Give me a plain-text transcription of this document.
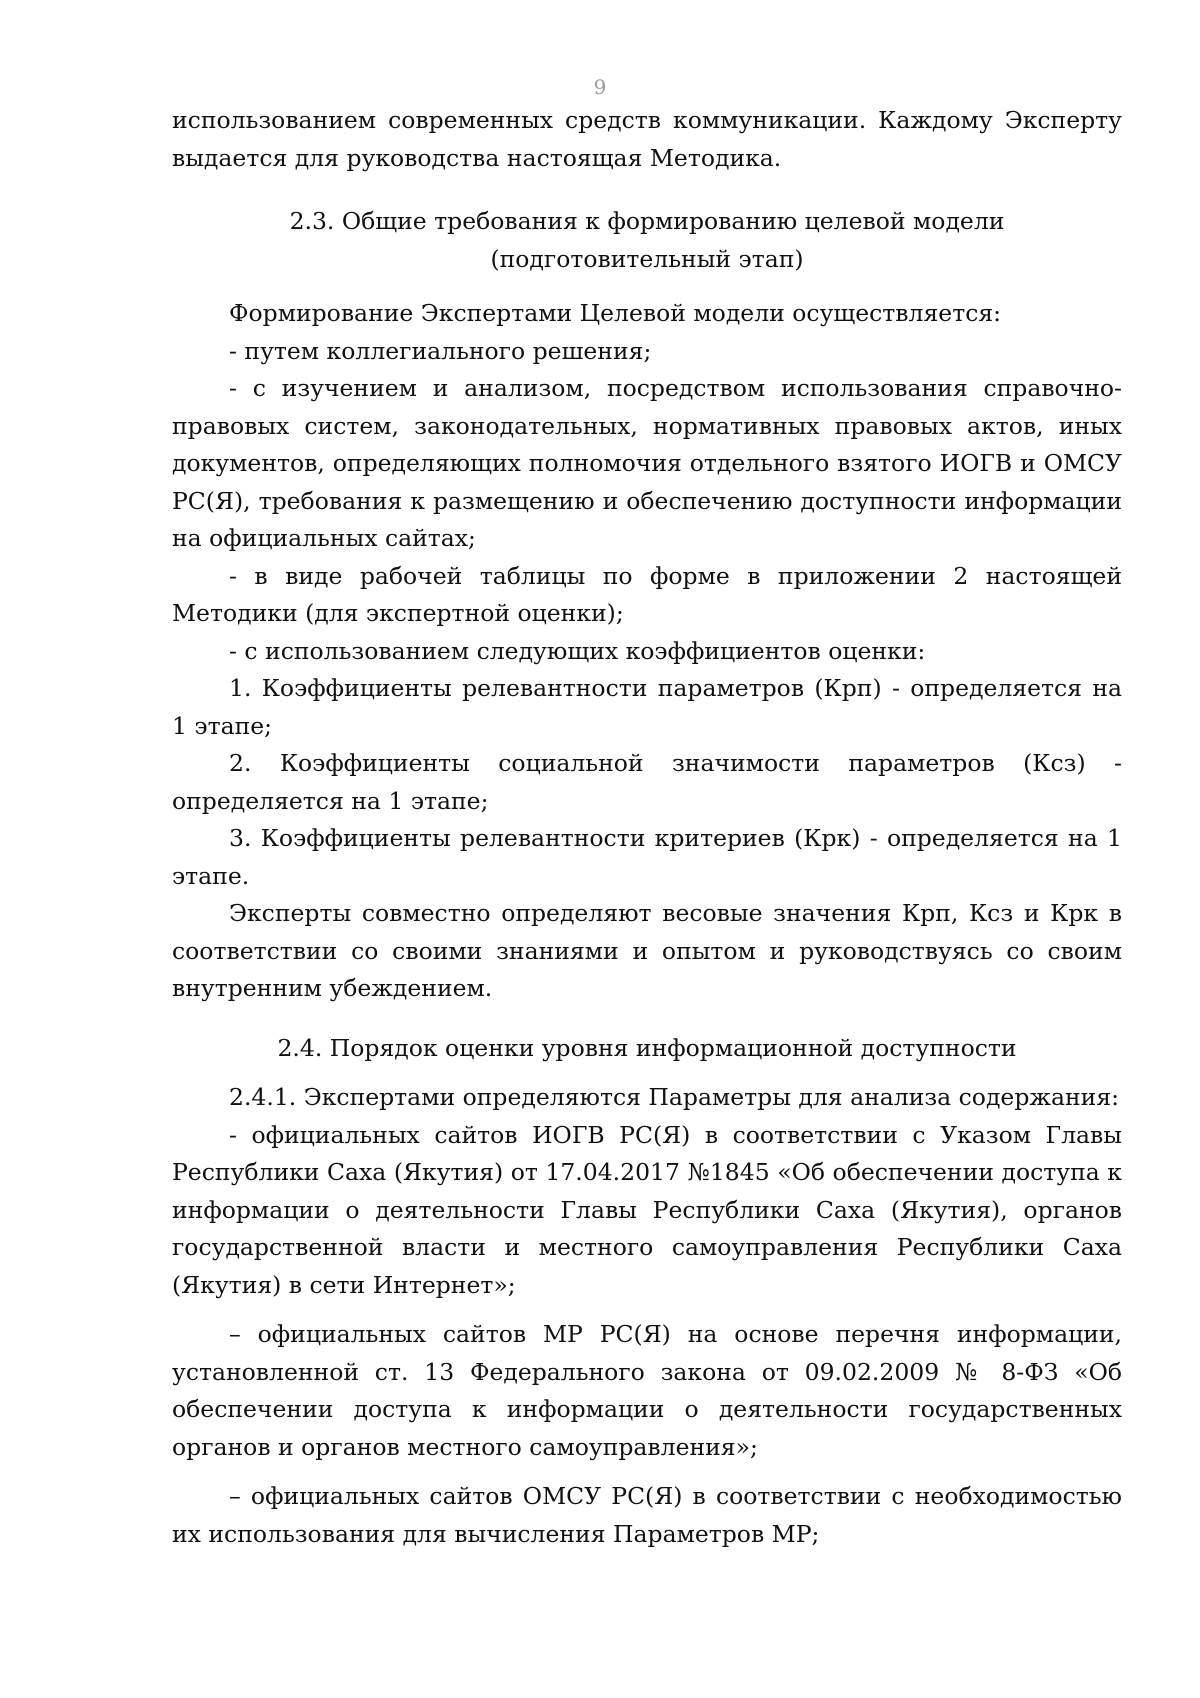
9

использованием современных средств коммуникации. Каждому Эксперту выдается для руководства настоящая Методика.

2.3. Общие требования к формированию целевой модели

(подготовительный этап)

Формирование Экспертами Целевой модели осуществляется:

- путем коллегиального решения;

- с изучением и анализом, посредством использования справочно-правовых систем, законодательных, нормативных правовых актов, иных документов, определяющих полномочия отдельного взятого ИОГВ и ОМСУ РС(Я), требования к размещению и обеспечению доступности информации на официальных сайтах;

- в виде рабочей таблицы по форме в приложении 2 настоящей Методики (для экспертной оценки);

- с использованием следующих коэффициентов оценки:

1. Коэффициенты релевантности параметров (Крп) - определяется на 1 этапе;

2. Коэффициенты социальной значимости параметров (Ксз) - определяется на 1 этапе;

3. Коэффициенты релевантности критериев (Крк) - определяется на 1 этапе.

Эксперты совместно определяют весовые значения Крп, Ксз и Крк в соответствии со своими знаниями и опытом и руководствуясь со своим внутренним убеждением.

2.4. Порядок оценки уровня информационной доступности

2.4.1. Экспертами определяются Параметры для анализа содержания:

- официальных сайтов ИОГВ РС(Я) в соответствии с Указом Главы Республики Саха (Якутия) от 17.04.2017 №1845 «Об обеспечении доступа к информации о деятельности Главы Республики Саха (Якутия), органов государственной власти и местного самоуправления Республики Саха (Якутия) в сети Интернет»;

– официальных сайтов МР РС(Я) на основе перечня информации, установленной ст. 13 Федерального закона от 09.02.2009 № 8-ФЗ «Об обеспечении доступа к информации о деятельности государственных органов и органов местного самоуправления»;

– официальных сайтов ОМСУ РС(Я) в соответствии с необходимостью их использования для вычисления Параметров МР;
